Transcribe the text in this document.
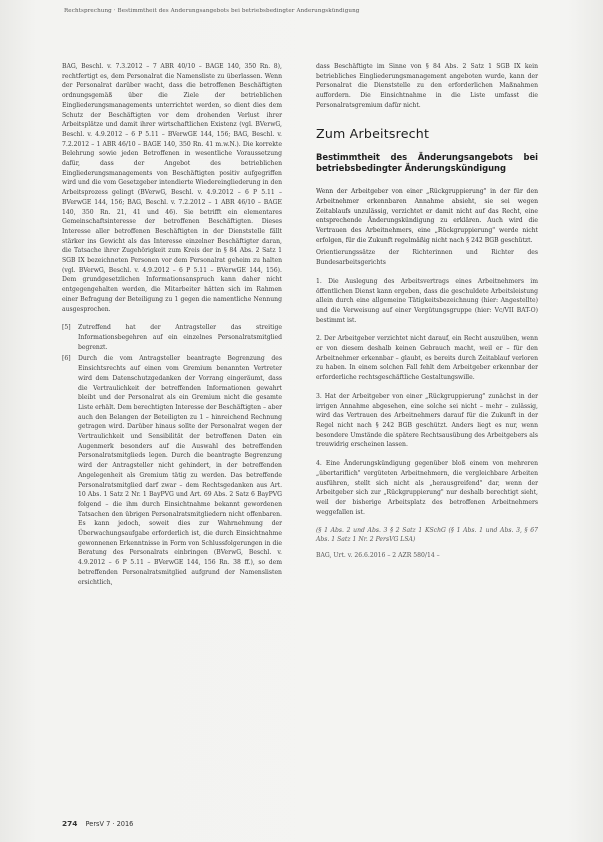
Rechtsprechung · Bestimmtheit des Änderungsangebots bei betriebsbedingter Änderungskündigung

BAG, Beschl. v. 7.3.2012 – 7 ABR 40/10 – BAGE 140, 350 Rn. 8), rechtfertigt es, dem Personalrat die Namensliste zu überlassen. Wenn der Personalrat darüber wacht, dass die betroffenen Beschäftigten ordnungsgemäß über die Ziele der betrieblichen Eingliederungsmanagements unterrichtet werden, so dient dies dem Schutz der Beschäftigten vor dem drohenden Verlust ihrer Arbeitsplätze und damit ihrer wirtschaftlichen Existenz (vgl. BVerwG, Beschl. v. 4.9.2012 – 6 P 5.11 – BVerwGE 144, 156; BAG, Beschl. v. 7.2.2012 – 1 ABR 46/10 – BAGE 140, 350 Rn. 41 m.w.N.). Die korrekte Belehrung sowie jeden Betroffenen in wesentliche Voraussetzung dafür, dass der Angebot des betrieblichen Eingliederungsmanagements von Beschäftigten positiv aufgegriffen wird und die vom Gesetzgeber intendierte Wiedereingliederung in den Arbeitsprozess gelingt (BVerwG, Beschl. v. 4.9.2012 – 6 P 5.11 – BVerwGE 144, 156; BAG, Beschl. v. 7.2.2012 – 1 ABR 46/10 – BAGE 140, 350 Rn. 21, 41 und 46). Sie betrifft ein elementares Gemeinschaftsinteresse der betroffenen Beschäftigten. Dieses Interesse aller betroffenen Beschäftigten in der Dienststelle fällt stärker ins Gewicht als das Interesse einzelner Beschäftigter daran, die Tatsache ihrer Zugehörigkeit zum Kreis der in § 84 Abs. 2 Satz 1 SGB IX bezeichneten Personen vor dem Personalrat geheim zu halten (vgl. BVerwG, Beschl. v. 4.9.2012 – 6 P 5.11 – BVerwGE 144, 156). Dem grundgesetzlichen Informationsanspruch kann daher nicht entgegengehalten werden, die Mitarbeiter hätten sich im Rahmen einer Befragung der Beteiligung zu 1 gegen die namentliche Nennung ausgesprochen.

[5] Zutreffend hat der Antragsteller das streitige Informationsbegehren auf ein einzelnes Personalratsmitglied begrenzt.

[6] Durch die vom Antragsteller beantragte Begrenzung des Einsichtsrechts auf einen vom Gremium benannten Vertreter wird dem Datenschutzgedanken der Vorrang eingeräumt, dass die Vertraulichkeit der betreffenden Informationen gewahrt bleibt und der Personalrat als ein Gremium nicht die gesamte Liste erhält. Dem berechtigten Interesse der Beschäftigten – aber auch den Belangen der Beteiligten zu 1 – hinreichend Rechnung getragen wird. Darüber hinaus sollte der Personalrat wegen der Vertraulichkeit und Sensibilität der betroffenen Daten ein Augenmerk besonders auf die Auswahl des betreffenden Personalratsmitglieds legen. Durch die beantragte Begrenzung wird der Antragsteller nicht gehindert, in der betreffenden Angelegenheit als Gremium tätig zu werden. Das betreffende Personalratsmitglied darf zwar – dem Rechtsgedanken aus Art. 10 Abs. 1 Satz 2 Nr. 1 BayPVG und Art. 69 Abs. 2 Satz 6 BayPVG folgend – die ihm durch Einsichtnahme bekannt gewordenen Tatsachen den übrigen Personalratsmitgliedern nicht offenbaren. Es kann jedoch, soweit dies zur Wahrnehmung der Überwachungsaufgabe erforderlich ist, die durch Einsichtnahme gewonnenen Erkenntnisse in Form von Schlussfolgerungen in die Beratung des Personalrats einbringen (BVerwG, Beschl. v. 4.9.2012 – 6 P 5.11 – BVerwGE 144, 156 Rn. 38 ff.), so dem betreffenden Personalratsmitglied aufgrund der Namenslisten ersichtlich,

dass Beschäftigte im Sinne von § 84 Abs. 2 Satz 1 SGB IX kein betriebliches Eingliederungsmanagement angeboten wurde, kann der Personalrat die Dienststelle zu den erforderlichen Maßnahmen auffordern. Die Einsichtnahme in die Liste umfasst die Personalratsgremium dafür nicht.

Zum Arbeitsrecht
Bestimmtheit des Änderungsangebots bei betriebsbedingter Änderungskündigung

Wenn der Arbeitgeber von einer „Rückgruppierung" in der für den Arbeitnehmer erkennbaren Annahme absieht, sie sei wegen Zeitablaufs unzulässig, verzichtet er damit nicht auf das Recht, eine entsprechende Änderungskündigung zu erklären. Auch wird die Vertrauen des Arbeitnehmers, eine „Rückgruppierung" werde nicht erfolgen, für die Zukunft regelmäßig nicht nach § 242 BGB geschützt.

Orientierungssätze der Richterinnen und Richter des Bundesarbeitsgerichts

1. Die Auslegung des Arbeitsvertrags eines Arbeitnehmers im öffentlichen Dienst kann ergeben, dass die geschuldete Arbeitsleistung allein durch eine allgemeine Tätigkeitsbezeichnung (hier: Angestellte) und die Verweisung auf einer Vergütungsgruppe (hier: Vc/VII BAT-O) bestimmt ist.

2. Der Arbeitgeber verzichtet nicht darauf, ein Recht auszuüben, wenn er von diesem deshalb keinen Gebrauch macht, weil er – für den Arbeitnehmer erkennbar – glaubt, es bereits durch Zeitablauf verloren zu haben. In einem solchen Fall fehlt dem Arbeitgeber erkennbar der erforderliche rechtsgeschäftliche Gestaltungswille.

3. Hat der Arbeitgeber von einer „Rückgruppierung" zunächst in der irrigen Annahme abgesehen, eine solche sei nicht – mehr – zulässig, wird das Vertrauen des Arbeitnehmers darauf für die Zukunft in der Regel nicht nach § 242 BGB geschützt. Anders liegt es nur, wenn besondere Umstände die spätere Rechtsausübung des Arbeitgebers als treuwidrig erscheinen lassen.

4. Eine Änderungskündigung gegenüber bloß einem von mehreren „übertariflich" vergüteten Arbeitnehmern, die vergleichbare Arbeiten ausführen, stellt sich nicht als „herausgreifend" dar, wenn der Arbeitgeber sich zur „Rückgruppierung" nur deshalb berechtigt sieht, weil der bisherige Arbeitsplatz des betroffenen Arbeitnehmers weggefallen ist.

(§ 1 Abs. 2 und Abs. 3 § 2 Satz 1 KSchG (§ 1 Abs. 1 und Abs. 3, § 67 Abs. 1 Satz 1 Nr. 2 PersVG LSA)

BAG, Urt. v. 26.6.2016 – 2 AZR 580/14 –

274 PersV 7 · 2016
